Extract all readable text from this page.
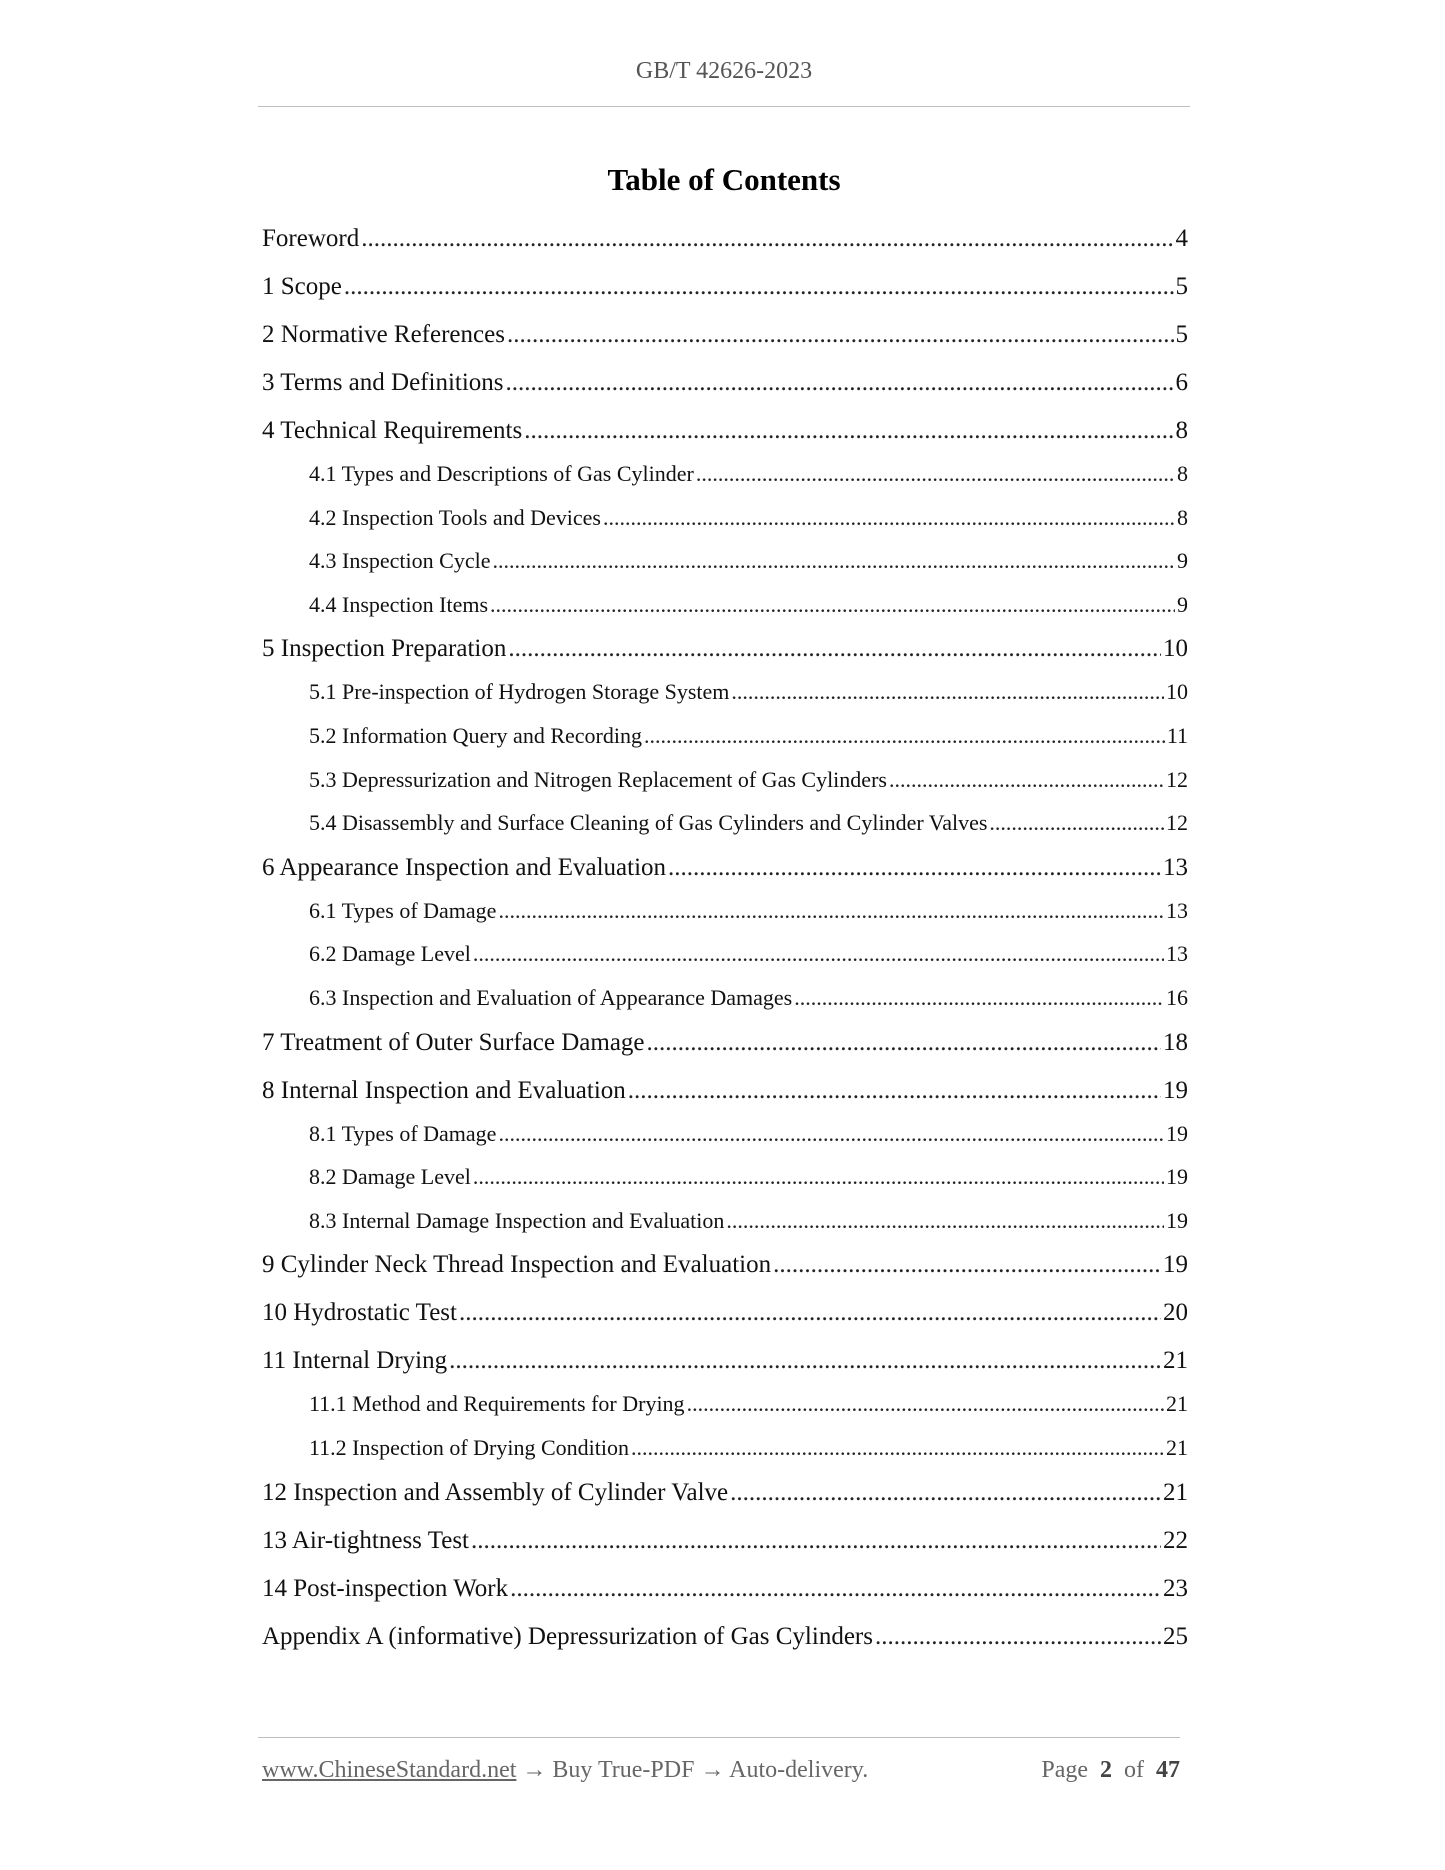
GB/T 42626-2023
Table of Contents
Foreword .....	4
1 Scope .....	5
2 Normative References .....	5
3 Terms and Definitions .....	6
4 Technical Requirements .....	8
4.1 Types and Descriptions of Gas Cylinder .....	8
4.2 Inspection Tools and Devices .....	8
4.3 Inspection Cycle .....	9
4.4 Inspection Items .....	9
5 Inspection Preparation .....	10
5.1 Pre-inspection of Hydrogen Storage System .....	10
5.2 Information Query and Recording .....	11
5.3 Depressurization and Nitrogen Replacement of Gas Cylinders .....	12
5.4 Disassembly and Surface Cleaning of Gas Cylinders and Cylinder Valves .....	12
6 Appearance Inspection and Evaluation .....	13
6.1 Types of Damage .....	13
6.2 Damage Level .....	13
6.3 Inspection and Evaluation of Appearance Damages .....	16
7 Treatment of Outer Surface Damage .....	18
8 Internal Inspection and Evaluation .....	19
8.1 Types of Damage .....	19
8.2 Damage Level .....	19
8.3 Internal Damage Inspection and Evaluation .....	19
9 Cylinder Neck Thread Inspection and Evaluation .....	19
10 Hydrostatic Test .....	20
11 Internal Drying .....	21
11.1 Method and Requirements for Drying .....	21
11.2 Inspection of Drying Condition .....	21
12 Inspection and Assembly of Cylinder Valve .....	21
13 Air-tightness Test .....	22
14 Post-inspection Work .....	23
Appendix A (informative) Depressurization of Gas Cylinders .....	25
www.ChineseStandard.net → Buy True-PDF → Auto-delivery.	Page 2 of 47
